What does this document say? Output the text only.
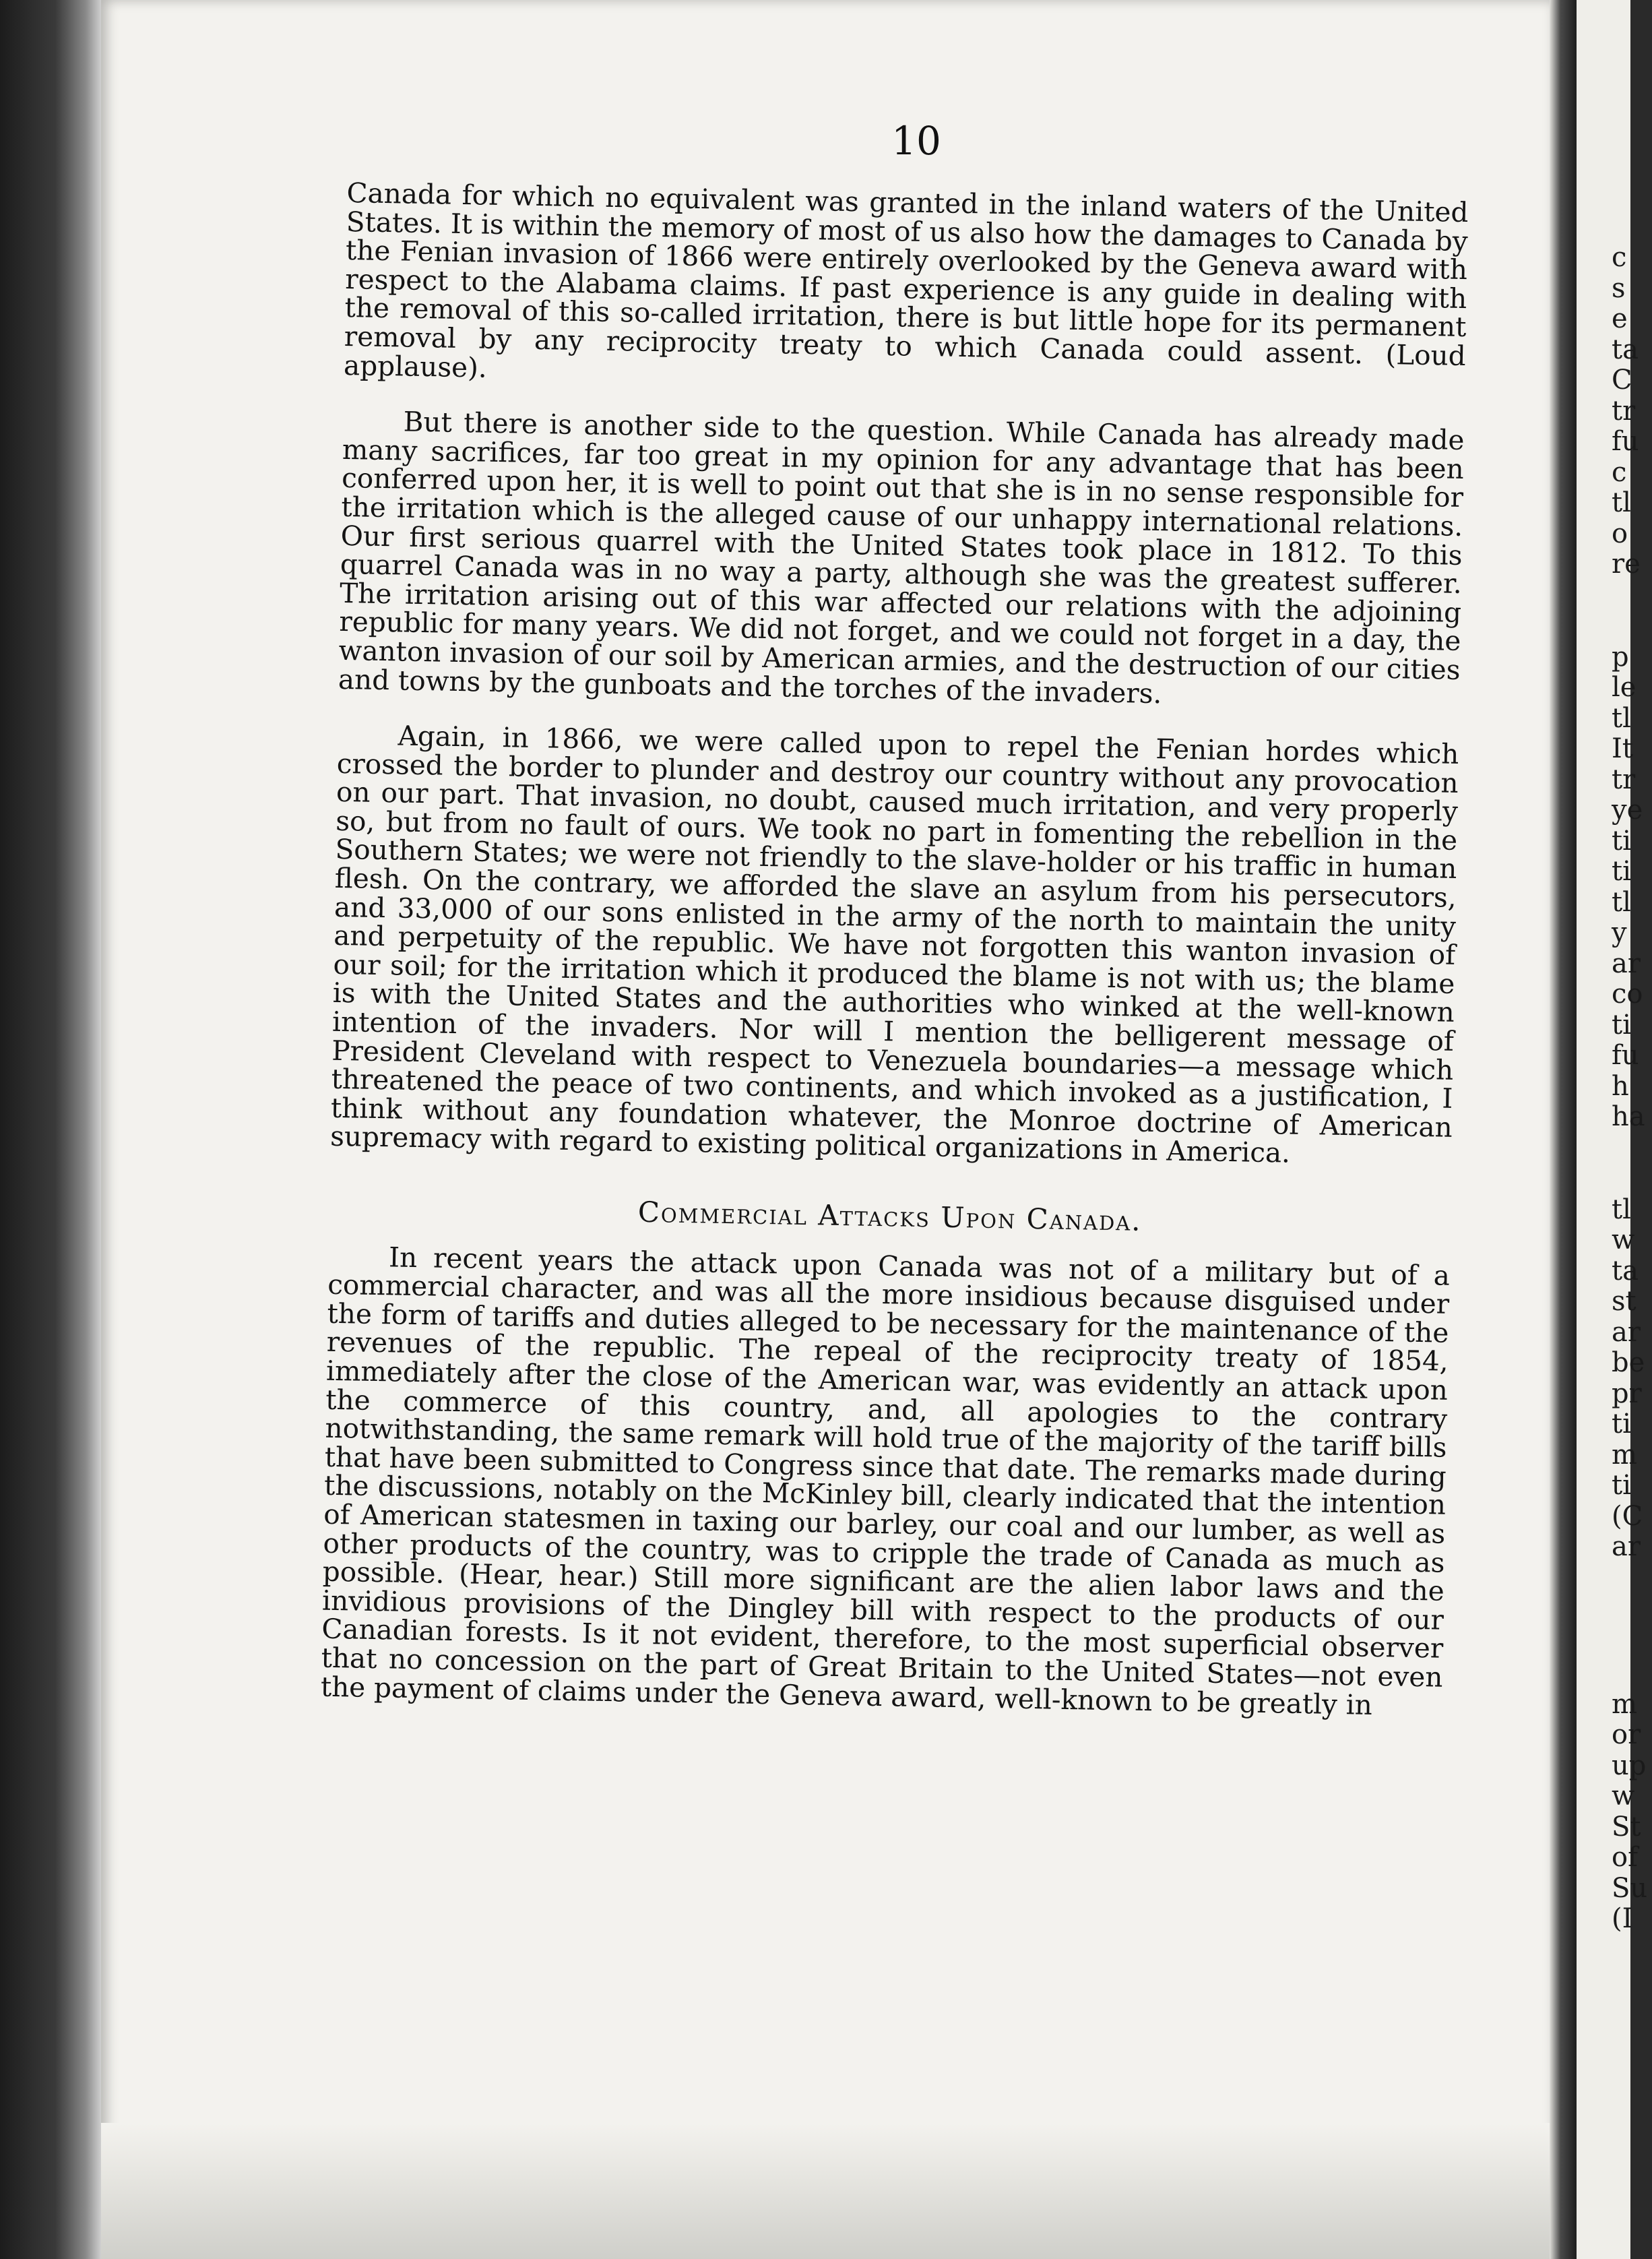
10

Canada for which no equivalent was granted in the inland waters of the United States. It is within the memory of most of us also how the damages to Canada by the Fenian invasion of 1866 were entirely overlooked by the Geneva award with respect to the Alabama claims. If past experience is any guide in dealing with the removal of this so-called irritation, there is but little hope for its permanent removal by any reciprocity treaty to which Canada could assent. (Loud applause).

But there is another side to the question. While Canada has already made many sacrifices, far too great in my opinion for any advantage that has been conferred upon her, it is well to point out that she is in no sense responsible for the irritation which is the alleged cause of our unhappy international relations. Our first serious quarrel with the United States took place in 1812. To this quarrel Canada was in no way a party, although she was the greatest sufferer. The irritation arising out of this war affected our relations with the adjoining republic for many years. We did not forget, and we could not forget in a day, the wanton invasion of our soil by American armies, and the destruction of our cities and towns by the gunboats and the torches of the invaders.

Again, in 1866, we were called upon to repel the Fenian hordes which crossed the border to plunder and destroy our country without any provocation on our part. That invasion, no doubt, caused much irritation, and very properly so, but from no fault of ours. We took no part in fomenting the rebellion in the Southern States; we were not friendly to the slave-holder or his traffic in human flesh. On the contrary, we afforded the slave an asylum from his persecutors, and 33,000 of our sons enlisted in the army of the north to maintain the unity and perpetuity of the republic. We have not forgotten this wanton invasion of our soil; for the irritation which it produced the blame is not with us; the blame is with the United States and the authorities who winked at the well-known intention of the invaders. Nor will I mention the belligerent message of President Cleveland with respect to Venezuela boundaries—a message which threatened the peace of two continents, and which invoked as a justification, I think without any foundation whatever, the Monroe doctrine of American supremacy with regard to existing political organizations in America.

Commercial Attacks Upon Canada.

In recent years the attack upon Canada was not of a military but of a commercial character, and was all the more insidious because disguised under the form of tariffs and duties alleged to be necessary for the maintenance of the revenues of the republic. The repeal of the reciprocity treaty of 1854, immediately after the close of the American war, was evidently an attack upon the commerce of this country, and, all apologies to the contrary notwithstanding, the same remark will hold true of the majority of the tariff bills that have been submitted to Congress since that date. The remarks made during the discussions, notably on the McKinley bill, clearly indicated that the intention of American statesmen in taxing our barley, our coal and our lumber, as well as other products of the country, was to cripple the trade of Canada as much as possible. (Hear, hear.) Still more significant are the alien labor laws and the invidious provisions of the Dingley bill with respect to the products of our Canadian forests. Is it not evident, therefore, to the most superficial observer that no concession on the part of Great Britain to the United States—not even the payment of claims under the Geneva award, well-known to be greatly in

c
s
e
ta
C
tr
fu
c
tl
o
re
p
le
tl
It
tr
ye
ti
ti
tl
y
ar
co
ti
fu
h
ha
tl
w
ta
st
ar
be
pr
ti
m
ti
(C
ar
m
or
up
w
St
of
Su
(I
